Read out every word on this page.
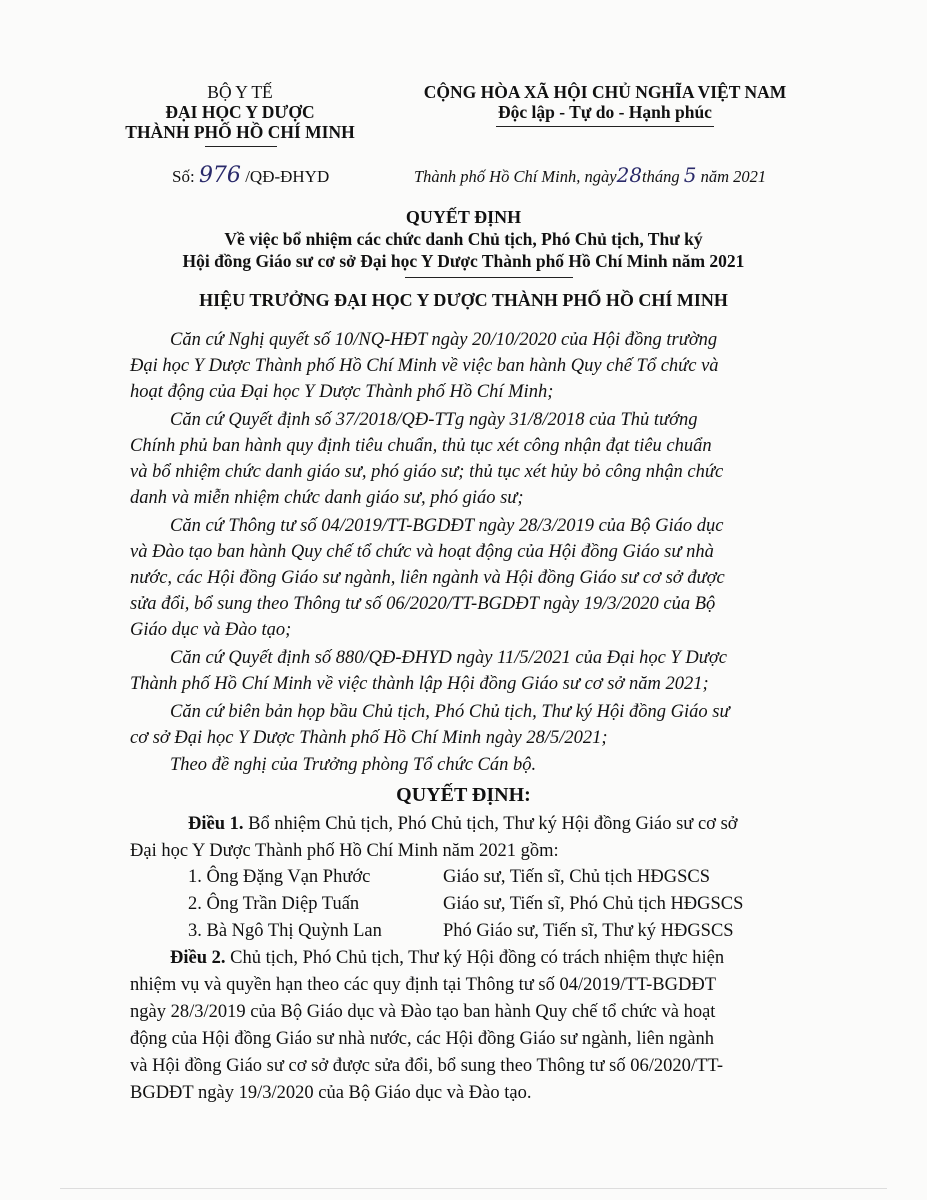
BỘ Y TẾ
ĐẠI HỌC Y DƯỢC
THÀNH PHỐ HỒ CHÍ MINH
CỘNG HÒA XÃ HỘI CHỦ NGHĨA VIỆT NAM
Độc lập - Tự do - Hạnh phúc
Số: 976 /QĐ-ĐHYD	Thành phố Hồ Chí Minh, ngày28tháng 5 năm 2021
QUYẾT ĐỊNH
Về việc bổ nhiệm các chức danh Chủ tịch, Phó Chủ tịch, Thư ký
Hội đồng Giáo sư cơ sở Đại học Y Dược Thành phố Hồ Chí Minh năm 2021
HIỆU TRƯỞNG ĐẠI HỌC Y DƯỢC THÀNH PHỐ HỒ CHÍ MINH
Căn cứ Nghị quyết số 10/NQ-HĐT ngày 20/10/2020 của Hội đồng trường
Đại học Y Dược Thành phố Hồ Chí Minh về việc ban hành Quy chế Tổ chức và
hoạt động của Đại học Y Dược Thành phố Hồ Chí Minh;
Căn cứ Quyết định số 37/2018/QĐ-TTg ngày 31/8/2018 của Thủ tướng
Chính phủ ban hành quy định tiêu chuẩn, thủ tục xét công nhận đạt tiêu chuẩn
và bổ nhiệm chức danh giáo sư, phó giáo sư; thủ tục xét hủy bỏ công nhận chức
danh và miễn nhiệm chức danh giáo sư, phó giáo sư;
Căn cứ Thông tư số 04/2019/TT-BGDĐT ngày 28/3/2019 của Bộ Giáo dục
và Đào tạo ban hành Quy chế tổ chức và hoạt động của Hội đồng Giáo sư nhà
nước, các Hội đồng Giáo sư ngành, liên ngành và Hội đồng Giáo sư cơ sở được
sửa đổi, bổ sung theo Thông tư số 06/2020/TT-BGDĐT ngày 19/3/2020 của Bộ
Giáo dục và Đào tạo;
Căn cứ Quyết định số 880/QĐ-ĐHYD ngày 11/5/2021 của Đại học Y Dược
Thành phố Hồ Chí Minh về việc thành lập Hội đồng Giáo sư cơ sở năm 2021;
Căn cứ biên bản họp bầu Chủ tịch, Phó Chủ tịch, Thư ký Hội đồng Giáo sư
cơ sở Đại học Y Dược Thành phố Hồ Chí Minh ngày 28/5/2021;
Theo đề nghị của Trưởng phòng Tổ chức Cán bộ.
QUYẾT ĐỊNH:
Điều 1. Bổ nhiệm Chủ tịch, Phó Chủ tịch, Thư ký Hội đồng Giáo sư cơ sở
Đại học Y Dược Thành phố Hồ Chí Minh năm 2021 gồm:
1. Ông Đặng Vạn Phước	Giáo sư, Tiến sĩ, Chủ tịch HĐGSCS
2. Ông Trần Diệp Tuấn	Giáo sư, Tiến sĩ, Phó Chủ tịch HĐGSCS
3. Bà Ngô Thị Quỳnh Lan	Phó Giáo sư, Tiến sĩ, Thư ký HĐGSCS
Điều 2. Chủ tịch, Phó Chủ tịch, Thư ký Hội đồng có trách nhiệm thực hiện
nhiệm vụ và quyền hạn theo các quy định tại Thông tư số 04/2019/TT-BGDĐT
ngày 28/3/2019 của Bộ Giáo dục và Đào tạo ban hành Quy chế tổ chức và hoạt
động của Hội đồng Giáo sư nhà nước, các Hội đồng Giáo sư ngành, liên ngành
và Hội đồng Giáo sư cơ sở được sửa đổi, bổ sung theo Thông tư số 06/2020/TT-
BGDĐT ngày 19/3/2020 của Bộ Giáo dục và Đào tạo.
